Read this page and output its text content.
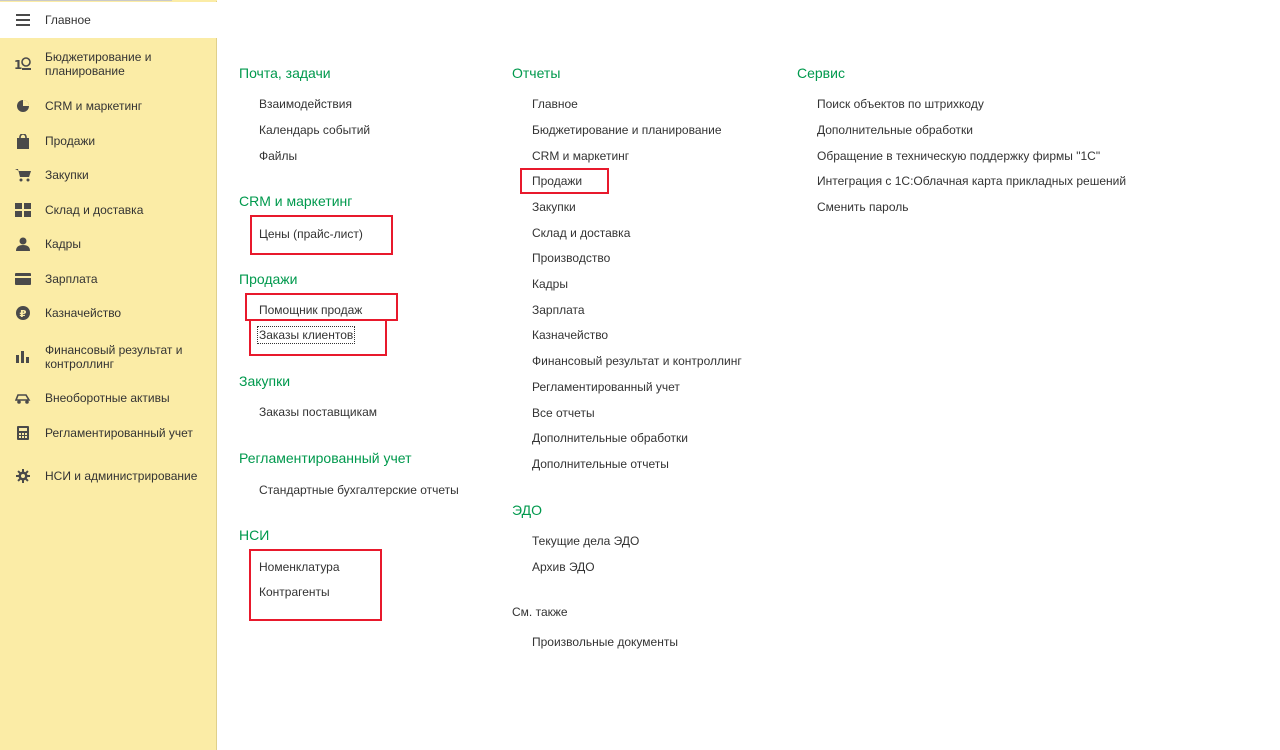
Главное
1
Бюджетирование и планирование
CRM и маркетинг
Продажи
Закупки
Склад и доставка
Кадры
Зарплата
₽ Казначейство
Финансовый результат и контроллинг
Внеоборотные активы
Регламентированный учет
НСИ и администрирование
Почта, задачи
Взаимодействия
Календарь событий
Файлы
CRM и маркетинг
Цены (прайс-лист)
Продажи
Помощник продаж
Заказы клиентов
Закупки
Заказы поставщикам
Регламентированный учет
Стандартные бухгалтерские отчеты
НСИ
Номенклатура
Контрагенты
Отчеты
Главное
Бюджетирование и планирование
CRM и маркетинг
Продажи
Закупки
Склад и доставка
Производство
Кадры
Зарплата
Казначейство
Финансовый результат и контроллинг
Регламентированный учет
Все отчеты
Дополнительные обработки
Дополнительные отчеты
ЭДО
Текущие дела ЭДО
Архив ЭДО
См. также
Произвольные документы
Сервис
Поиск объектов по штрихкоду
Дополнительные обработки
Обращение в техническую поддержку фирмы "1С"
Интеграция с 1С:Облачная карта прикладных решений
Сменить пароль
